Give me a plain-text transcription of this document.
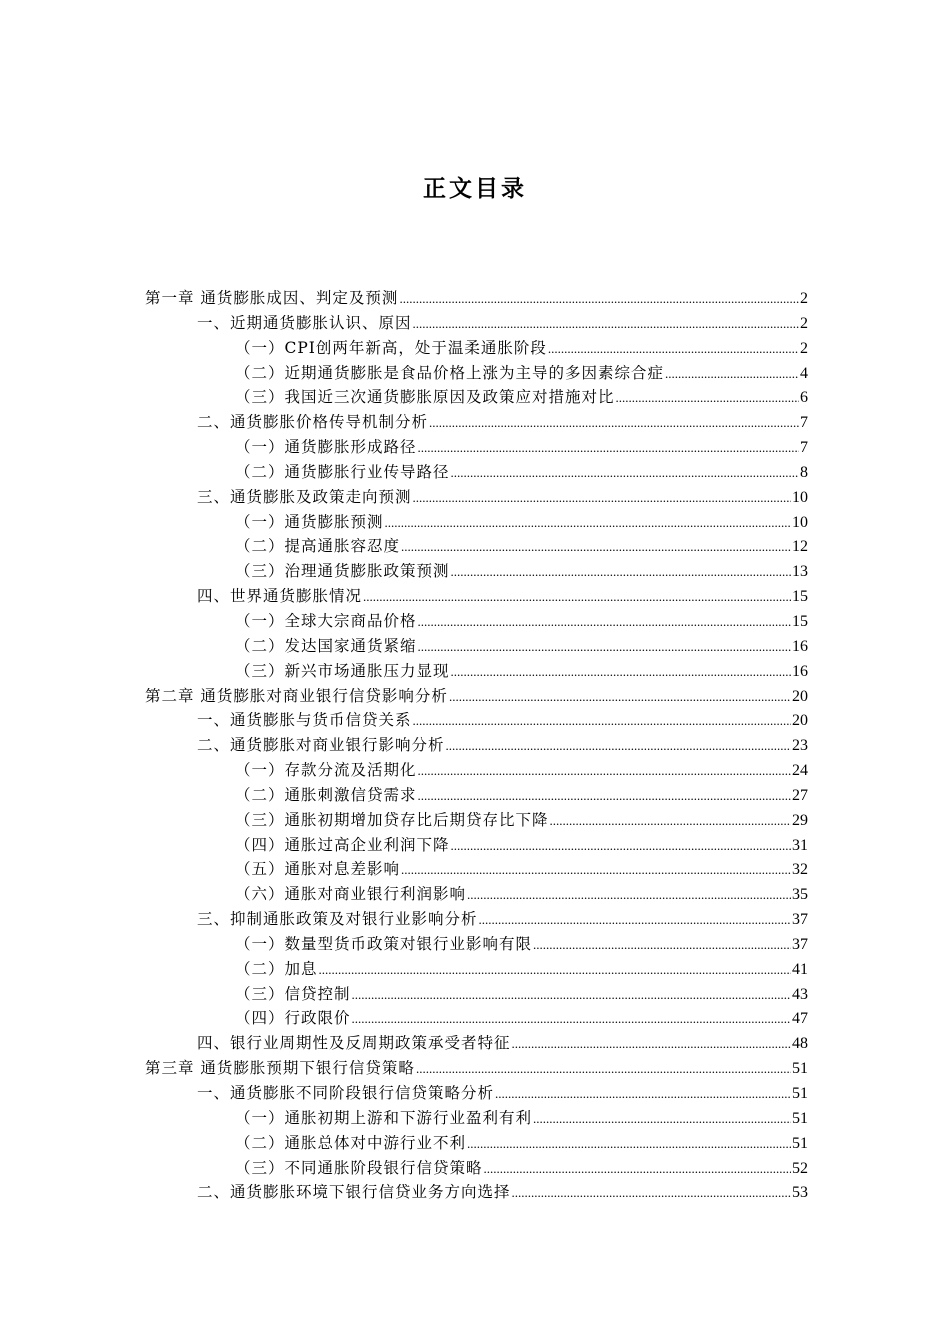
正文目录
第一章 通货膨胀成因、判定及预测 .....	2
一、近期通货膨胀认识、原因 .....	2
（一）CPI创两年新高，处于温柔通胀阶段 .....	2
（二）近期通货膨胀是食品价格上涨为主导的多因素综合症 .....	4
（三）我国近三次通货膨胀原因及政策应对措施对比 .....	6
二、通货膨胀价格传导机制分析 .....	7
（一）通货膨胀形成路径 .....	7
（二）通货膨胀行业传导路径 .....	8
三、通货膨胀及政策走向预测 .....	10
（一）通货膨胀预测 .....	10
（二）提高通胀容忍度 .....	12
（三）治理通货膨胀政策预测 .....	13
四、世界通货膨胀情况 .....	15
（一）全球大宗商品价格 .....	15
（二）发达国家通货紧缩 .....	16
（三）新兴市场通胀压力显现 .....	16
第二章 通货膨胀对商业银行信贷影响分析 .....	20
一、通货膨胀与货币信贷关系 .....	20
二、通货膨胀对商业银行影响分析 .....	23
（一）存款分流及活期化 .....	24
（二）通胀刺激信贷需求 .....	27
（三）通胀初期增加贷存比后期贷存比下降 .....	29
（四）通胀过高企业利润下降 .....	31
（五）通胀对息差影响 .....	32
（六）通胀对商业银行利润影响 .....	35
三、抑制通胀政策及对银行业影响分析 .....	37
（一）数量型货币政策对银行业影响有限 .....	37
（二）加息 .....	41
（三）信贷控制 .....	43
（四）行政限价 .....	47
四、银行业周期性及反周期政策承受者特征 .....	48
第三章 通货膨胀预期下银行信贷策略 .....	51
一、通货膨胀不同阶段银行信贷策略分析 .....	51
（一）通胀初期上游和下游行业盈利有利 .....	51
（二）通胀总体对中游行业不利 .....	51
（三）不同通胀阶段银行信贷策略 .....	52
二、通货膨胀环境下银行信贷业务方向选择 .....	53
